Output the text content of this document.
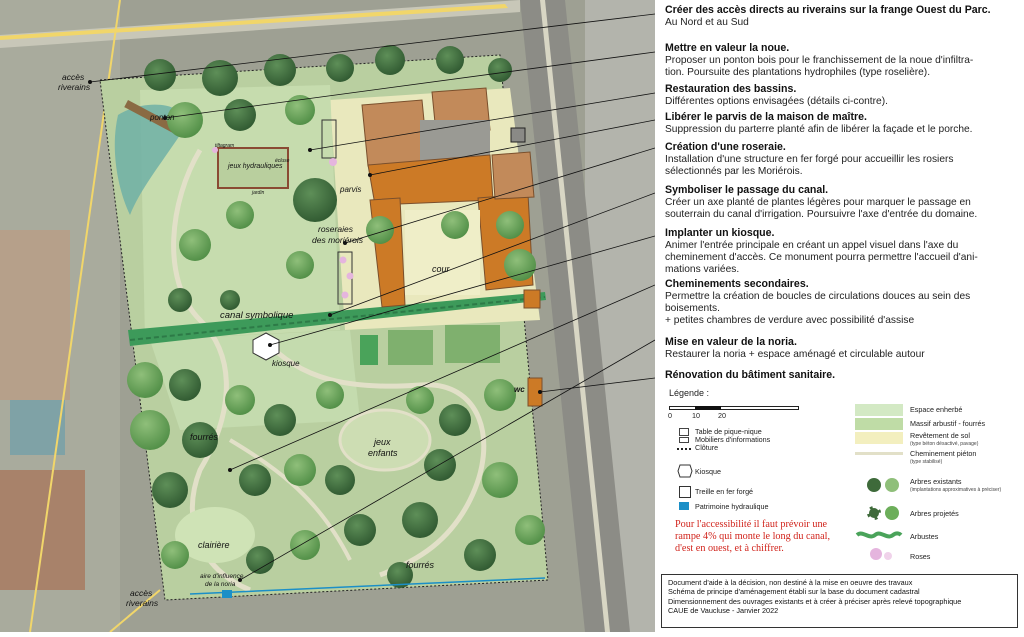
accès
riverains
accès
riverains
ponton
jeux hydrauliques
tiltagram
écluse
jardin	parvis
roseraies
des moriérois
cour
canal symbolique
kiosque
wc
fourrés
fourrés
jeux
enfants
clairière
aire d'influence
de la noria
Créer des accès directs au riverains sur la frange Ouest du Parc.
Au Nord et au Sud
Mettre en valeur la noue.
Proposer un ponton bois pour le franchissement de la noue d'infiltra-
tion. Poursuite des plantations hydrophiles (type roselière).
Restauration des bassins.
Différentes options envisagées (détails ci-contre).
Libérer le parvis de la maison de maître.
Suppression du parterre planté afin de libérer la façade et le porche.
Création d'une roseraie.
Installation d'une structure en fer forgé pour accueillir les rosiers
sélectionnés par les Moriérois.
Symboliser le passage du canal.
Créer un axe planté de plantes légères pour marquer le passage en
souterrain du canal d'irrigation. Poursuivre l'axe d'entrée du domaine.
Implanter un kiosque.
Animer l'entrée principale en créant un appel visuel dans l'axe du
cheminement d'accès. Ce monument pourra permettre l'accueil d'ani-
mations variées.
Cheminements secondaires.
Permettre la création de boucles de circulations douces au sein des
boisements.
+ petites chambres de verdure avec possibilité d'assise
Mise en valeur de la noria.
Restaurer la noria + espace aménagé et circulable autour
Rénovation du bâtiment sanitaire.
Légende :
0	10	20
Table de pique-nique
Mobiliers d'informations
Clôture
Kiosque
Treille en fer forgé
Patrimoine hydraulique
Pour l'accessibilité il faut prévoir une rampe 4% qui monte le long du canal, d'est en ouest, et à chiffrer.
Espace enherbé
Massif arbustif - fourrés
Revêtement de sol
(type béton désactivé, pavage)
Cheminement piéton
(type stabilisé)
Arbres existants
(implantations approximatives à préciser)
Arbres projetés
Arbustes
Roses
Document d'aide à la décision, non destiné à la mise en oeuvre des travaux
Schéma de principe d'aménagement établi sur la base du document cadastral
Dimensionnement des ouvrages existants et à créer à préciser après relevé topographique
CAUE de Vaucluse - Janvier 2022
